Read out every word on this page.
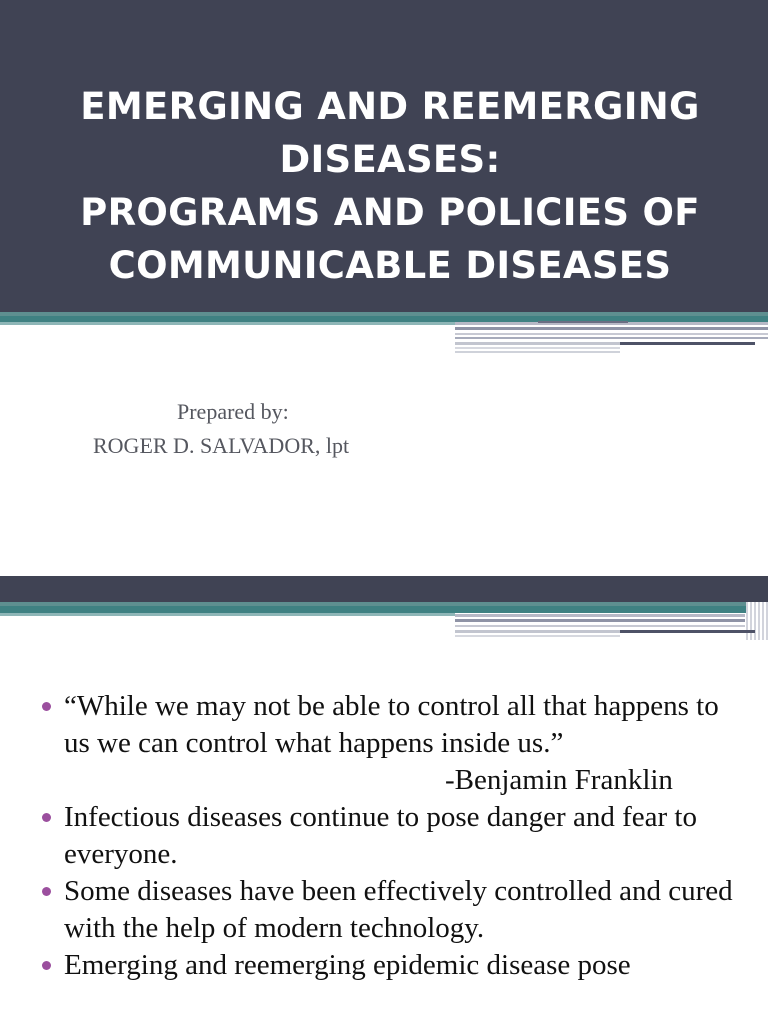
EMERGING AND REEMERGING
DISEASES:
PROGRAMS AND POLICIES OF
COMMUNICABLE DISEASES
Prepared by:
ROGER D. SALVADOR, lpt
“While we may not be able to control all that happens to us we can control what happens inside us.”
-Benjamin Franklin
Infectious diseases continue to pose danger and fear to everyone.
Some diseases have been effectively controlled and cured with the help of modern technology.
Emerging and reemerging epidemic disease pose
